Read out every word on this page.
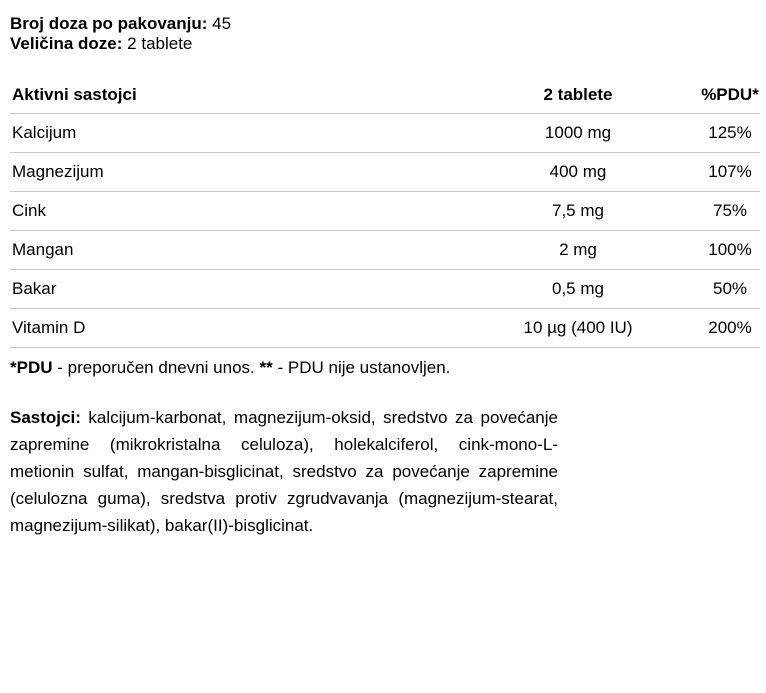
Broj doza po pakovanju: 45
Veličina doze: 2 tablete
Aktivni sastojci	2 tablete	%PDU*
Kalcijum	1000 mg	125%
Magnezijum	400 mg	107%
Cink	7,5 mg	75%
Mangan	2 mg	100%
Bakar	0,5 mg	50%
Vitamin D	10 µg (400 IU)	200%
*PDU - preporučen dnevni unos. ** - PDU nije ustanovljen.
Sastojci: kalcijum-karbonat, magnezijum-oksid, sredstvo za povećanje zapremine (mikrokristalna celuloza), holekalciferol, cink-mono-L-metionin sulfat, mangan-bisglicinat, sredstvo za povećanje zapremine (celulozna guma), sredstva protiv zgrudvavanja (magnezijum-stearat, magnezijum-silikat), bakar(II)-bisglicinat.
